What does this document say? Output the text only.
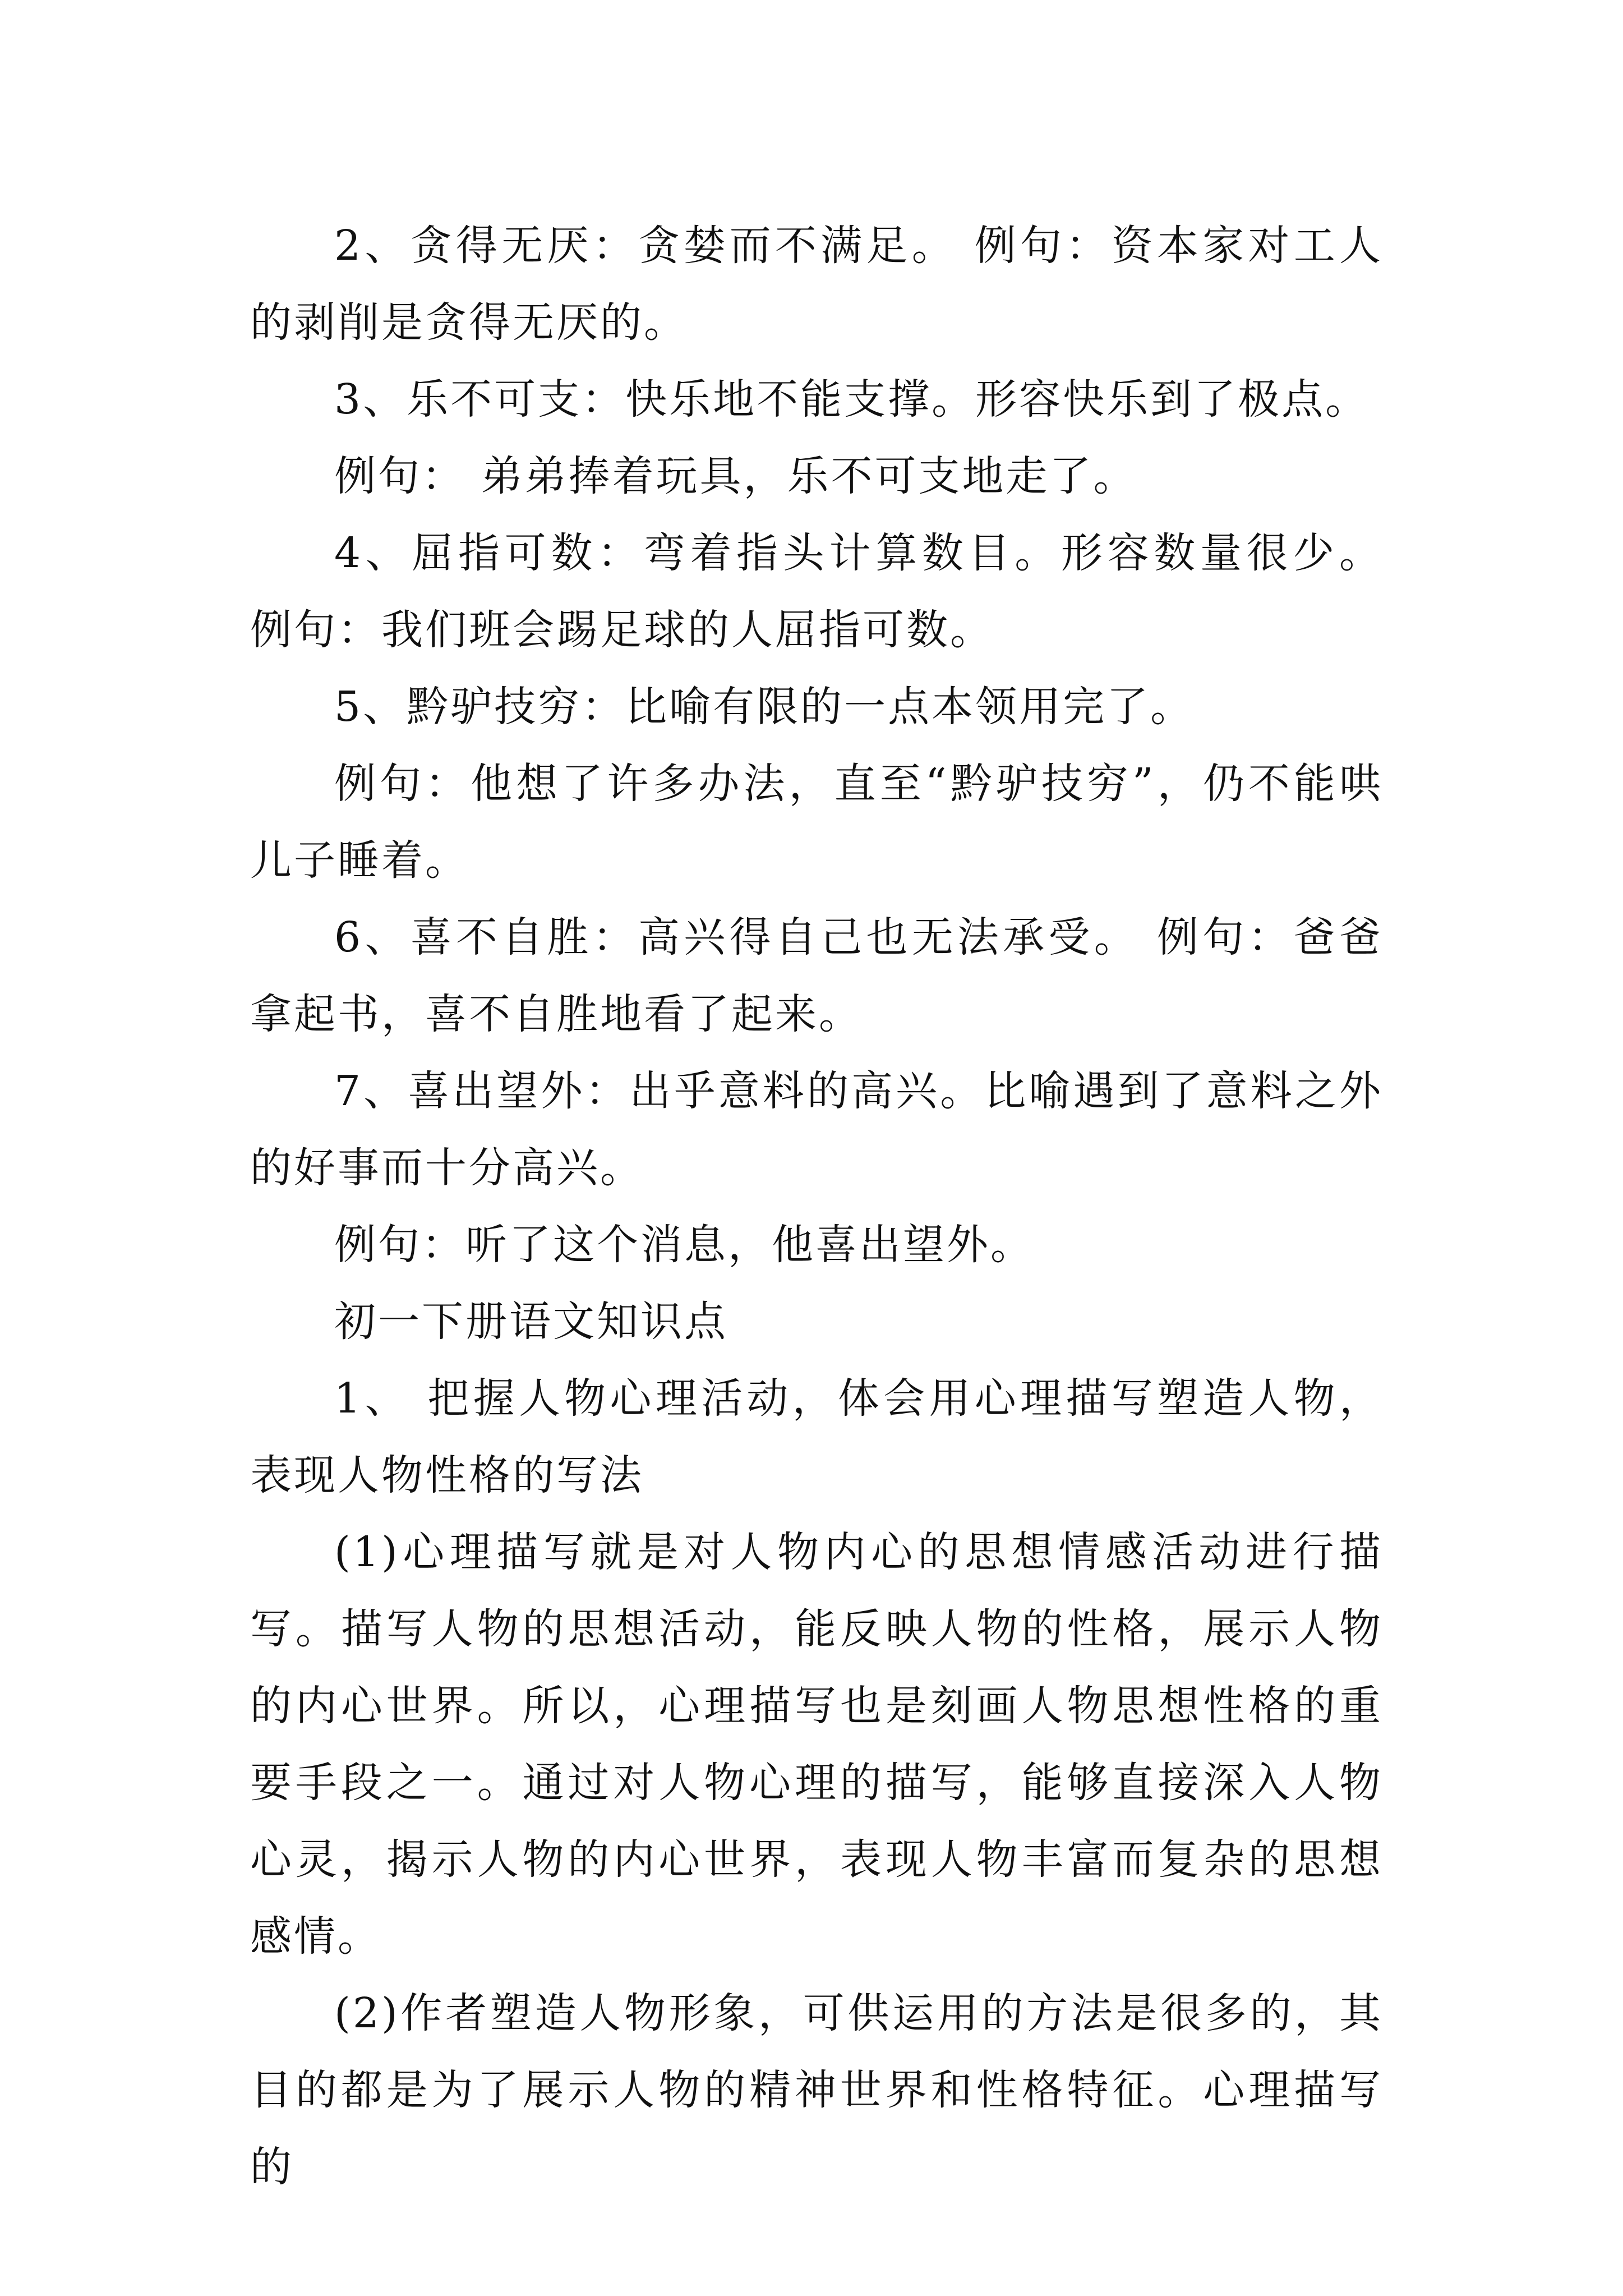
2、贪得无厌：贪婪而不满足。 例句：资本家对工人的剥削是贪得无厌的。

3、乐不可支：快乐地不能支撑。形容快乐到了极点。

例句： 弟弟捧着玩具，乐不可支地走了。

4、屈指可数：弯着指头计算数目。形容数量很少。 例句：我们班会踢足球的人屈指可数。

5、黔驴技穷：比喻有限的一点本领用完了。

例句：他想了许多办法，直至“黔驴技穷”，仍不能哄儿子睡着。

6、喜不自胜：高兴得自己也无法承受。 例句：爸爸拿起书，喜不自胜地看了起来。

7、喜出望外：出乎意料的高兴。比喻遇到了意料之外的好事而十分高兴。

例句：听了这个消息，他喜出望外。

初一下册语文知识点

1、 把握人物心理活动，体会用心理描写塑造人物，表现人物性格的写法

(1)心理描写就是对人物内心的思想情感活动进行描写。描写人物的思想活动，能反映人物的性格，展示人物的内心世界。所以，心理描写也是刻画人物思想性格的重要手段之一。通过对人物心理的描写，能够直接深入人物心灵，揭示人物的内心世界，表现人物丰富而复杂的思想感情。

(2)作者塑造人物形象，可供运用的方法是很多的，其目的都是为了展示人物的精神世界和性格特征。心理描写的
